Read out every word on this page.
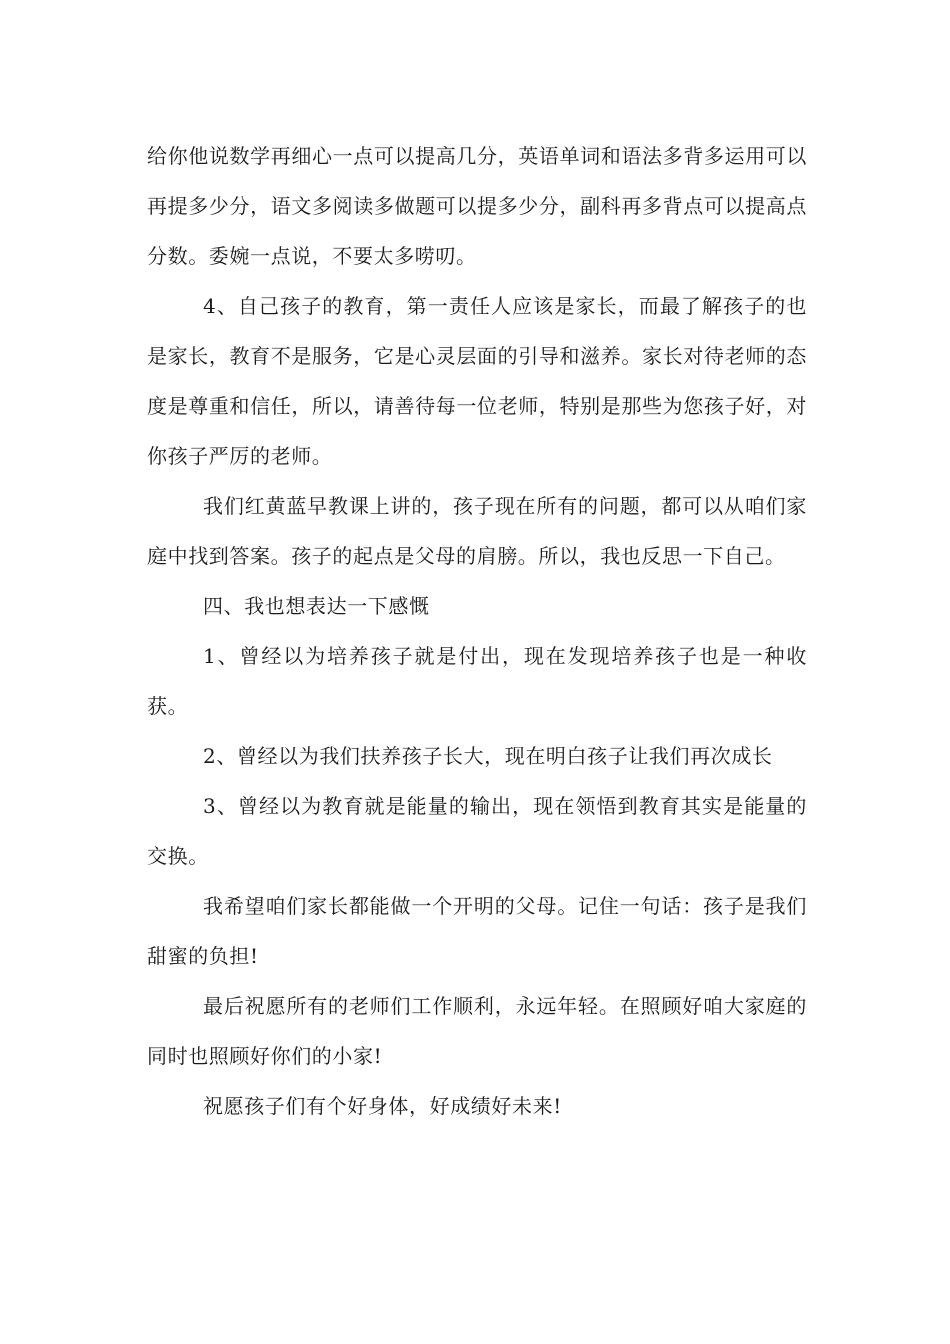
给你他说数学再细心一点可以提高几分，英语单词和语法多背多运用可以再提多少分，语文多阅读多做题可以提多少分，副科再多背点可以提高点分数。委婉一点说，不要太多唠叨。

4、自己孩子的教育，第一责任人应该是家长，而最了解孩子的也是家长，教育不是服务，它是心灵层面的引导和滋养。家长对待老师的态度是尊重和信任，所以，请善待每一位老师，特别是那些为您孩子好，对你孩子严厉的老师。

我们红黄蓝早教课上讲的，孩子现在所有的问题，都可以从咱们家庭中找到答案。孩子的起点是父母的肩膀。所以，我也反思一下自己。

四、我也想表达一下感慨

1、曾经以为培养孩子就是付出，现在发现培养孩子也是一种收获。

2、曾经以为我们扶养孩子长大，现在明白孩子让我们再次成长

3、曾经以为教育就是能量的输出，现在领悟到教育其实是能量的交换。

我希望咱们家长都能做一个开明的父母。记住一句话：孩子是我们甜蜜的负担!

最后祝愿所有的老师们工作顺利，永远年轻。在照顾好咱大家庭的同时也照顾好你们的小家!

祝愿孩子们有个好身体，好成绩好未来!
